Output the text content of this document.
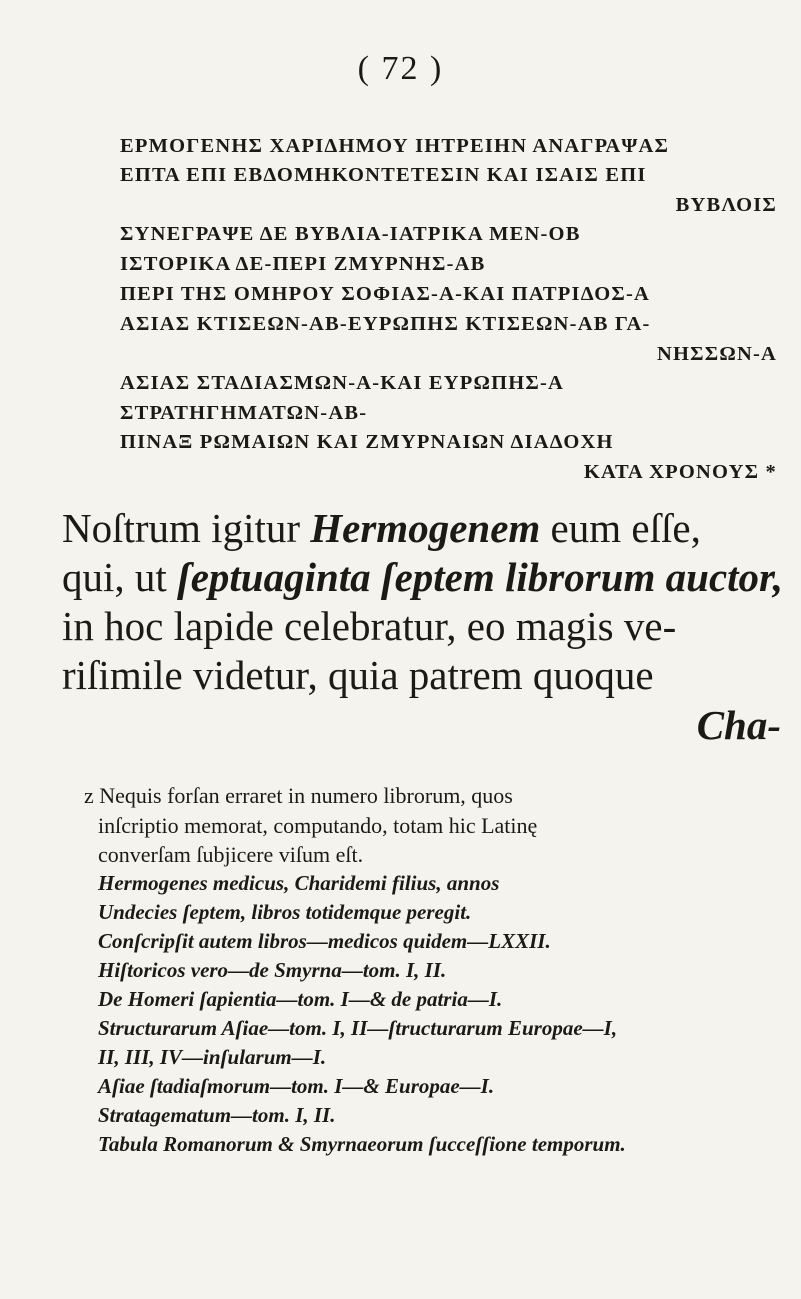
( 72 )
ΕΡΜΟΓΕΝΗΣ ΧΑΡΙΔΗΜΟΥ ΙΗΤΡΕΙΗΝ ΑΝΑΓΡΑΨΑΣ
ΕΠΤΑ ΕΠΙ ΕΒΔΟΜΗΚΟΝΤΕΤΕΣΙΝ ΚΑΙ ΙΣΑΙΣ ΕΠΙ
ΒΥΒΛΟΙΣ
ΣΥΝΕΓΡΑΨΕ ΔΕ ΒΥΒΛΙΑ-ΙΑΤΡΙΚΑ ΜΕΝ-ΟΒ
ΙΣΤΟΡΙΚΑ ΔΕ-ΠΕΡΙ ΖΜΥΡΝΗΣ-ΑΒ
ΠΕΡΙ ΤΗΣ ΟΜΗΡΟΥ ΣΟΦΙΑΣ-Α-ΚΑΙ ΠΑΤΡΙΔΟΣ-Α
ΑΣΙΑΣ ΚΤΙΣΕΩΝ-ΑΒ-ΕΥΡΩΠΗΣ ΚΤΙΣΕΩΝ-ΑΒ ΓΑ-
ΝΗΣΣΩΝ-Α
ΑΣΙΑΣ ΣΤΑΔΙΑΣΜΩΝ-Α-ΚΑΙ ΕΥΡΩΠΗΣ-Α
ΣΤΡΑΤΗΓΗΜΑΤΩΝ-ΑΒ-
ΠΙΝΑΞ ΡΩΜΑΙΩΝ ΚΑΙ ΖΜΥΡΝΑΙΩΝ ΔΙΑΔΟΧΗ
ΚΑΤΑ ΧΡΟΝΟΥΣ *
Noſtrum igitur Hermogenem eum eſſe,
qui, ut ſeptuaginta ſeptem librorum auctor,
in hoc lapide celebratur, eo magis ve-
riſimile videtur, quia patrem quoque
Cha-
z Nequis forſan erraret in numero librorum, quos
inſcriptio memorat, computando, totam hic Latinę
converſam ſubjicere viſum eſt.
Hermogenes medicus, Charidemi filius, annos
Undecies ſeptem, libros totidemque peregit.
Conſcripſit autem libros—medicos quidem—LXXII.
Hiſtoricos vero—de Smyrna—tom. I, II.
De Homeri ſapientia—tom. I—& de patria—I.
Structurarum Aſiae—tom. I, II—ſtructurarum Europae—I,
II, III, IV—inſularum—I.
Aſiae ſtadiaſmorum—tom. I—& Europae—I.
Stratagematum—tom. I, II.
Tabula Romanorum & Smyrnaeorum ſucceſſione temporum.
